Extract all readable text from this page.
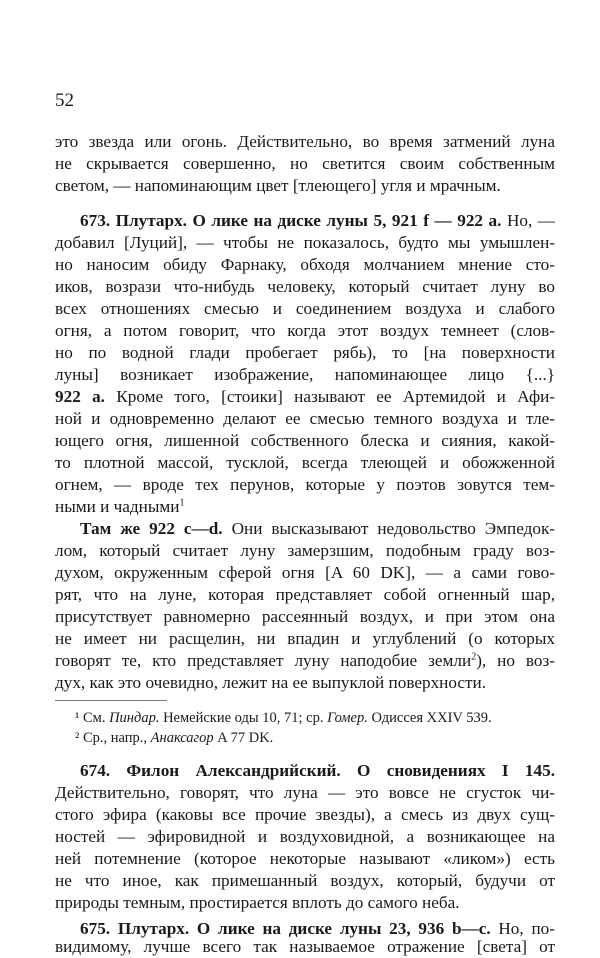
52
это звезда или огонь. Действительно, во время затмений луна
не скрывается совершенно, но светится своим собственным
светом, — напоминающим цвет [тлеющего] угля и мрачным.
673. Плутарх. О лике на диске луны 5, 921 f — 922 a. Но, —
добавил [Луций], — чтобы не показалось, будто мы умышлен-
но наносим обиду Фарнаку, обходя молчанием мнение сто-
иков, возрази что-нибудь человеку, который считает луну во
всех отношениях смесью и соединением воздуха и слабого
огня, а потом говорит, что когда этот воздух темнеет (слов-
но по водной глади пробегает рябь), то [на поверхности
луны] возникает изображение, напоминающее лицо {...}
922 a. Кроме того, [стоики] называют ее Артемидой и Афи-
ной и одновременно делают ее смесью темного воздуха и тле-
ющего огня, лишенной собственного блеска и сияния, какой-
то плотной массой, тусклой, всегда тлеющей и обожженной
огнем, — вроде тех перунов, которые у поэтов зовутся тем-
ными и чадными$^1$
Там же 922 c—d. Они высказывают недовольство Эмпедок-
лом, который считает луну замерзшим, подобным граду воз-
духом, окруженным сферой огня [A 60 DK], — а сами гово-
рят, что на луне, которая представляет собой огненный шар,
присутствует равномерно рассеянный воздух, и при этом она
не имеет ни расщелин, ни впадин и углублений (о которых
говорят те, кто представляет луну наподобие земли$^2$), но воз-
дух, как это очевидно, лежит на ее выпуклой поверхности.
¹ См. Пиндар. Немейские оды 10, 71; ср. Гомер. Одиссея XXIV 539.
² Ср., напр., Анаксагор A 77 DK.
674. Филон Александрийский. О сновидениях I 145.
Действительно, говорят, что луна — это вовсе не сгусток чи-
стого эфира (каковы все прочие звезды), а смесь из двух сущ-
ностей — эфировидной и воздуховидной, а возникающее на
ней потемнение (которое некоторые называют «ликом») есть
не что иное, как примешанный воздух, который, будучи от
природы темным, простирается вплоть до самого неба.
675. Плутарх. О лике на диске луны 23, 936 b—c. Но, по-
видимому, лучше всего так называемое отражение [света] от
